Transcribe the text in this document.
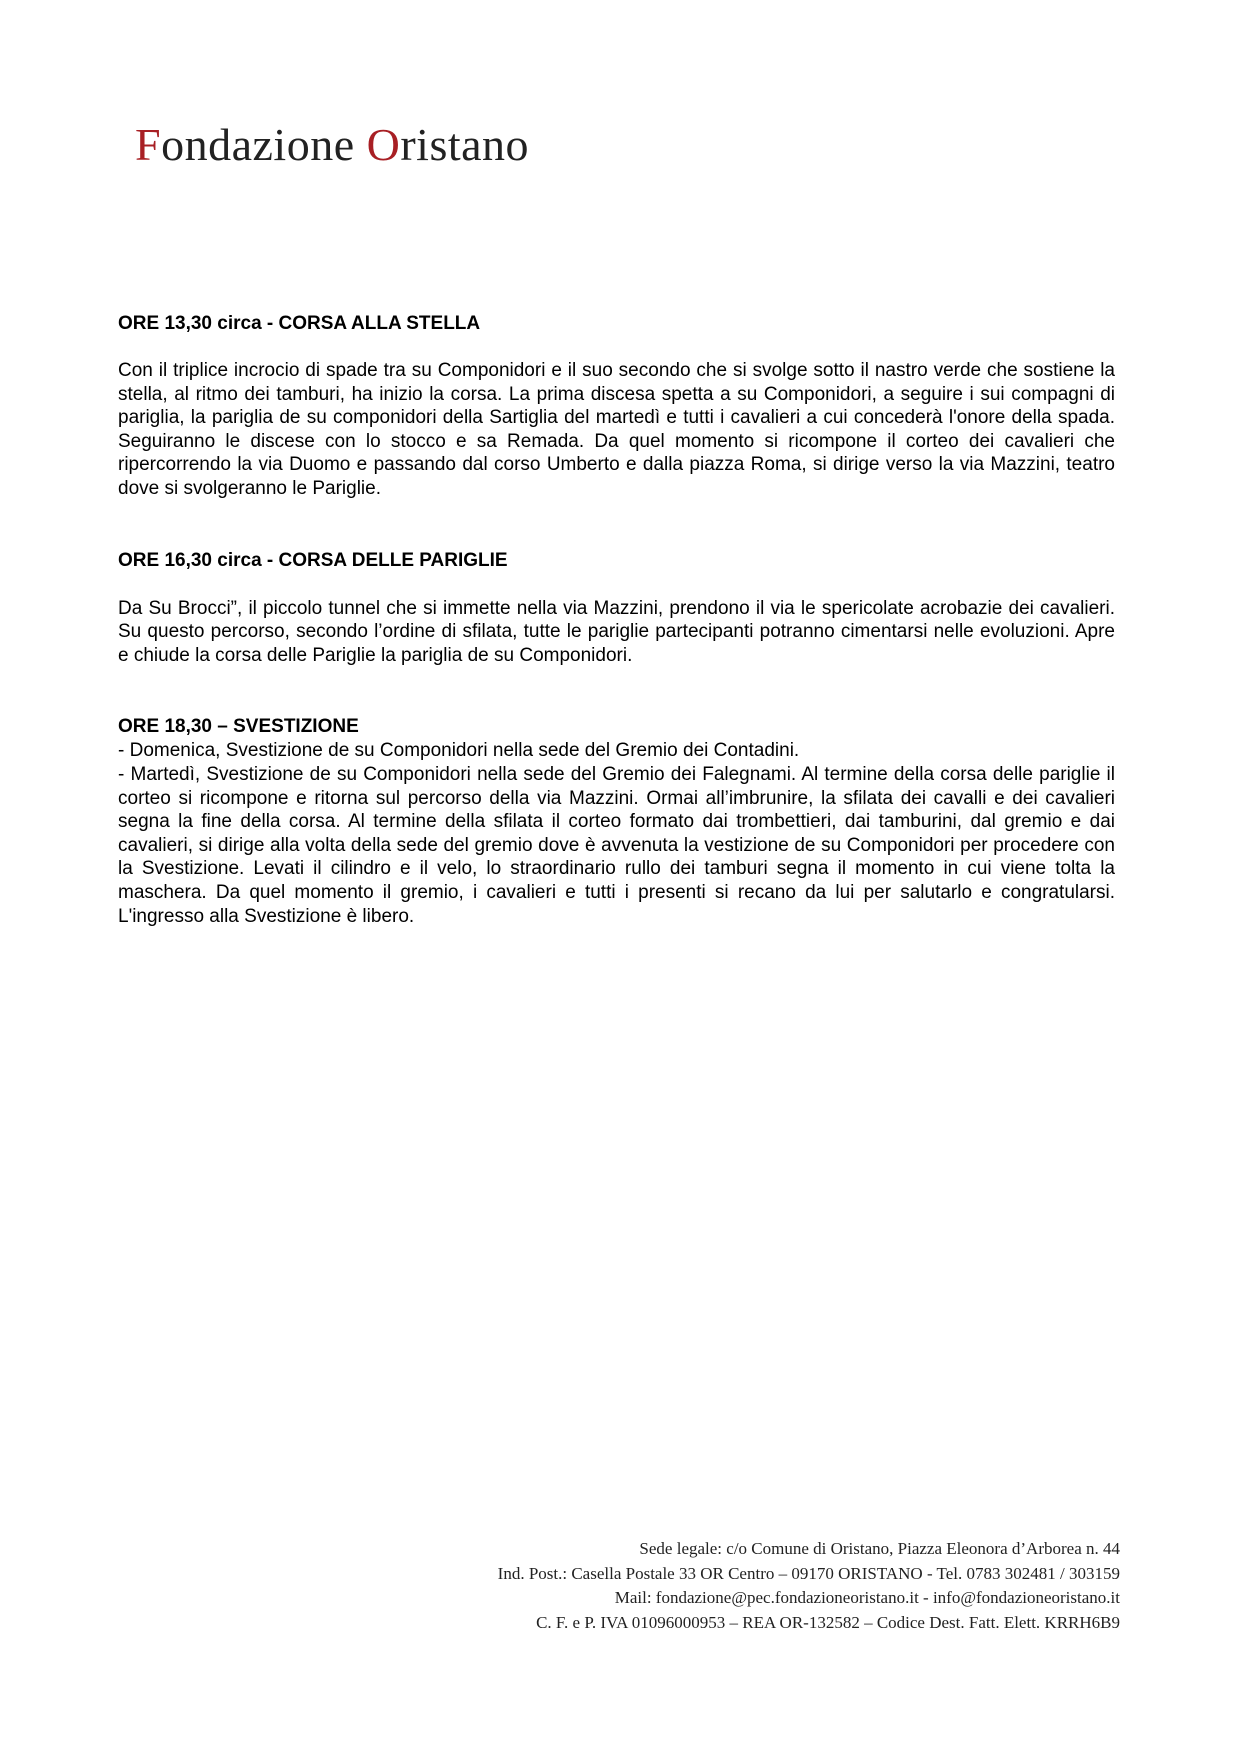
Fondazione Oristano

ORE 13,30 circa - CORSA ALLA STELLA

Con il triplice incrocio di spade tra su Componidori e il suo secondo che si svolge sotto il nastro verde che sostiene la stella, al ritmo dei tamburi, ha inizio la corsa. La prima discesa spetta a su Componidori, a seguire i sui compagni di pariglia, la pariglia de su componidori della Sartiglia del martedì e tutti i cavalieri a cui concederà l'onore della spada. Seguiranno le discese con lo stocco e sa Remada. Da quel momento si ricompone il corteo dei cavalieri che ripercorrendo la via Duomo e passando dal corso Umberto e dalla piazza Roma, si dirige verso la via Mazzini, teatro dove si svolgeranno le Pariglie.

ORE 16,30 circa - CORSA DELLE PARIGLIE

Da Su Brocci”, il piccolo tunnel che si immette nella via Mazzini, prendono il via le spericolate acrobazie dei cavalieri. Su questo percorso, secondo l’ordine di sfilata, tutte le pariglie partecipanti potranno cimentarsi nelle evoluzioni. Apre e chiude la corsa delle Pariglie la pariglia de su Componidori.

ORE 18,30 – SVESTIZIONE

- Domenica, Svestizione de su Componidori nella sede del Gremio dei Contadini.

- Martedì, Svestizione de su Componidori nella sede del Gremio dei Falegnami. Al termine della corsa delle pariglie il corteo si ricompone e ritorna sul percorso della via Mazzini. Ormai all’imbrunire, la sfilata dei cavalli e dei cavalieri segna la fine della corsa. Al termine della sfilata il corteo formato dai trombettieri, dai tamburini, dal gremio e dai cavalieri, si dirige alla volta della sede del gremio dove è avvenuta la vestizione de su Componidori per procedere con la Svestizione. Levati il cilindro e il velo, lo straordinario rullo dei tamburi segna il momento in cui viene tolta la maschera. Da quel momento il gremio, i cavalieri e tutti i presenti si recano da lui per salutarlo e congratularsi. L'ingresso alla Svestizione è libero.

Sede legale: c/o Comune di Oristano, Piazza Eleonora d’Arborea n. 44
Ind. Post.: Casella Postale 33 OR Centro – 09170 ORISTANO - Tel. 0783 302481 / 303159
Mail: fondazione@pec.fondazioneoristano.it - info@fondazioneoristano.it
C. F. e P. IVA 01096000953 – REA OR-132582 – Codice Dest. Fatt. Elett. KRRH6B9
